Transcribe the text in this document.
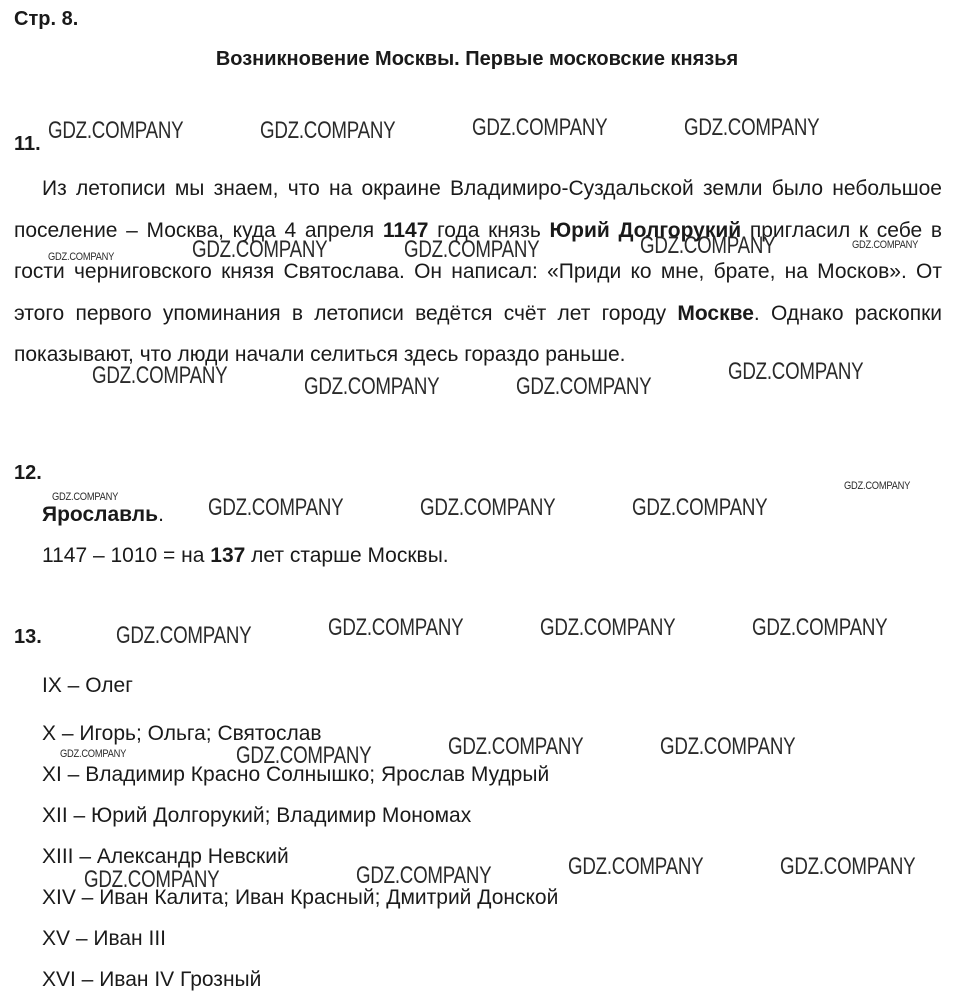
Стр. 8.
Возникновение Москвы. Первые московские князья
11.

Из летописи мы знаем, что на окраине Владимиро-Суздальской земли было небольшое поселение – Москва, куда 4 апреля 1147 года князь Юрий Долгорукий пригласил к себе в гости черниговского князя Святослава. Он написал: «Приди ко мне, брате, на Москов». От этого первого упоминания в летописи ведётся счёт лет городу Москве. Однако раскопки показывают, что люди начали селиться здесь гораздо раньше.

12.
Ярославль.
1147 – 1010 = на 137 лет старше Москвы.
13.
IX – Олег
X – Игорь; Ольга; Святослав
XI – Владимир Красно Солнышко; Ярослав Мудрый
XII – Юрий Долгорукий; Владимир Мономах
XIII – Александр Невский
XIV – Иван Калита; Иван Красный; Дмитрий Донской
XV – Иван III
XVI – Иван IV Грозный
GDZ.COMPANY	GDZ.COMPANY	GDZ.COMPANY	GDZ.COMPANY
GDZ.COMPANY	GDZ.COMPANY	GDZ.COMPANY	GDZ.COMPANY	GDZ.COMPANY
GDZ.COMPANY	GDZ.COMPANY	GDZ.COMPANY
GDZ.COMPANY
GDZ.COMPANY
GDZ.COMPANY	GDZ.COMPANY	GDZ.COMPANY	GDZ.COMPANY
GDZ.COMPANY	GDZ.COMPANY	GDZ.COMPANY	GDZ.COMPANY
GDZ.COMPANY	GDZ.COMPANY	GDZ.COMPANY	GDZ.COMPANY
GDZ.COMPANY	GDZ.COMPANY	GDZ.COMPANY	GDZ.COMPANY
